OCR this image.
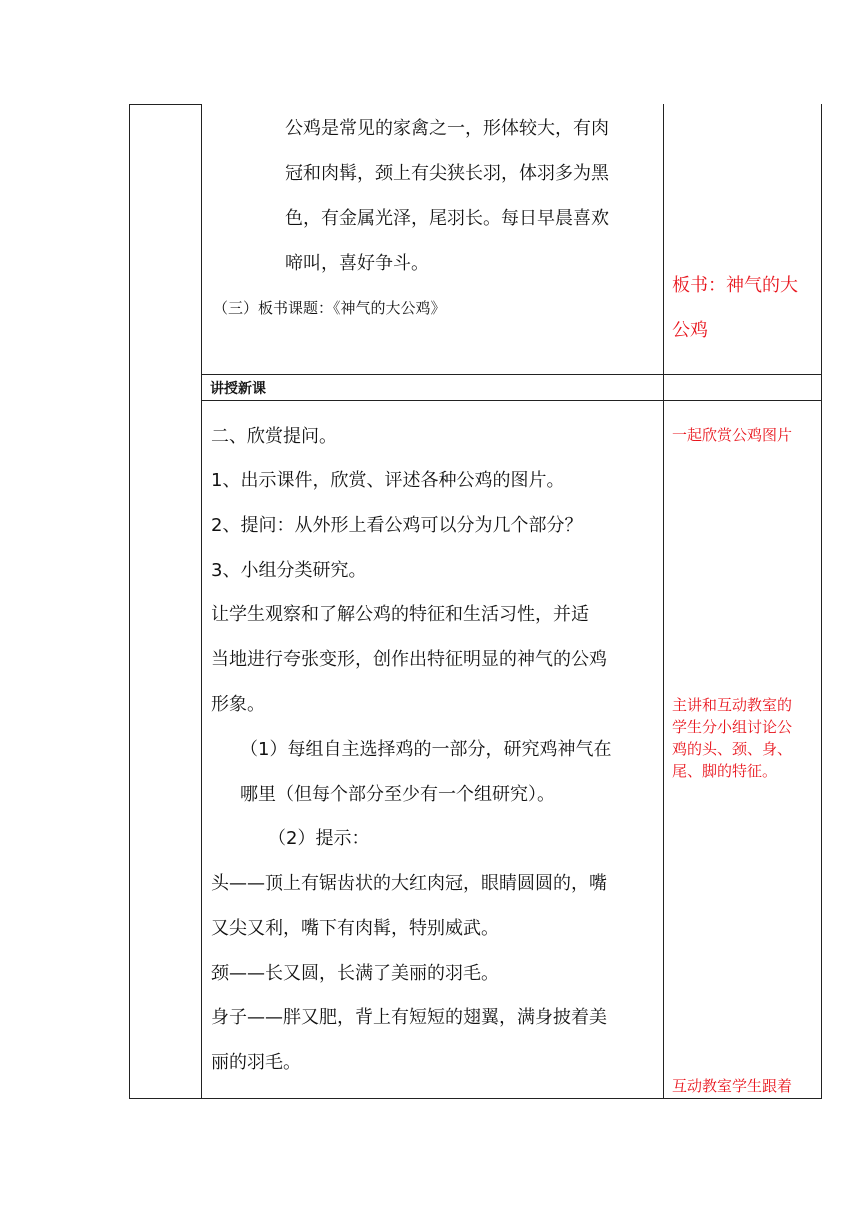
公鸡是常见的家禽之一，形体较大，有肉
冠和肉髯，颈上有尖狭长羽，体羽多为黑
色，有金属光泽，尾羽长。每日早晨喜欢
啼叫，喜好争斗。
（三）板书课题：《神气的大公鸡》
板书：神气的大
公鸡
讲授新课
二、欣赏提问。
1、出示课件，欣赏、评述各种公鸡的图片。
2、提问：从外形上看公鸡可以分为几个部分？
3、小组分类研究。
让学生观察和了解公鸡的特征和生活习性，并适
当地进行夸张变形，创作出特征明显的神气的公鸡
形象。
（1）每组自主选择鸡的一部分，研究鸡神气在
哪里（但每个部分至少有一个组研究）。
（2）提示：
头——顶上有锯齿状的大红肉冠，眼睛圆圆的，嘴
又尖又利，嘴下有肉髯，特别威武。
颈——长又圆，长满了美丽的羽毛。
身子——胖又肥，背上有短短的翅翼，满身披着美
丽的羽毛。
一起欣赏公鸡图片
主讲和互动教室的
学生分小组讨论公
鸡的头、颈、身、
尾、脚的特征。
互动教室学生跟着
